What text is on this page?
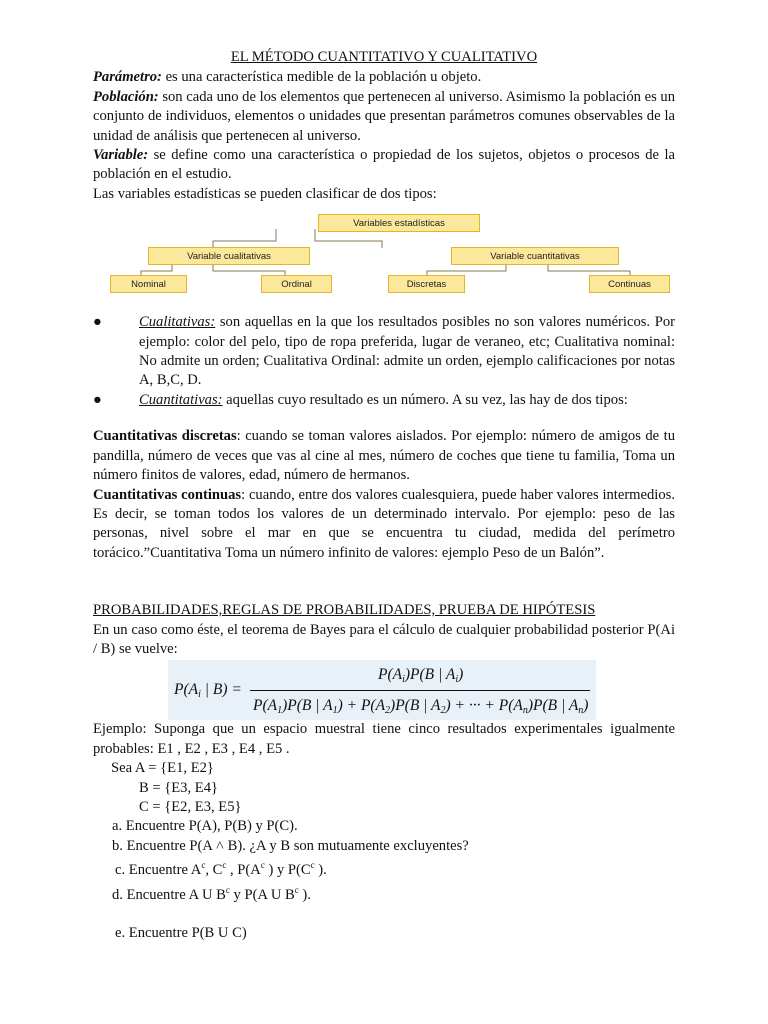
EL MÉTODO CUANTITATIVO Y CUALITATIVO

Parámetro: es una característica medible de la población u objeto.

Población: son cada uno de los elementos que pertenecen al universo. Asimismo la población es un conjunto de individuos, elementos o unidades que presentan parámetros comunes observables de la unidad de análisis que pertenecen al universo.

Variable: se define como una característica o propiedad de los sujetos, objetos o procesos de la población en el estudio.

Las variables estadísticas se pueden clasificar de dos tipos:

Variables estadísticas
Variable cualitativas	Variable cuantitativas
Nominal	Ordinal	Discretas	Continuas
●	Cualitativas: son aquellas en la que los resultados posibles no son valores numéricos. Por ejemplo: color del pelo, tipo de ropa preferida, lugar de veraneo, etc; Cualitativa nominal: No admite un orden; Cualitativa Ordinal: admite un orden, ejemplo calificaciones por notas A, B,C, D.
●	Cuantitativas: aquellas cuyo resultado es un número. A su vez, las hay de dos tipos:

Cuantitativas discretas: cuando se toman valores aislados. Por ejemplo: número de amigos de tu pandilla, número de veces que vas al cine al mes, número de coches que tiene tu familia, Toma un número finitos de valores, edad, número de hermanos.

Cuantitativas continuas: cuando, entre dos valores cualesquiera, puede haber valores intermedios. Es decir, se toman todos los valores de un determinado intervalo. Por ejemplo: peso de las personas, nivel sobre el mar en que se encuentra tu ciudad, medida del perímetro torácico.”Cuantitativa Toma un número infinito de valores: ejemplo Peso de un Balón”.

PROBABILIDADES,REGLAS DE PROBABILIDADES, PRUEBA DE HIPÓTESIS

En un caso como éste, el teorema de Bayes para el cálculo de cualquier probabilidad posterior P(Ai / B) se vuelve:

$P(A_i$ | B) =
$P(A_i)P(B$ | $A_i$)
$P(A_1)P(B$ | $A_1) + P(A_2)P(B$ | $A_2$) + ··· + $P(A_n)P(B$ | $A_n$)

Ejemplo: Suponga que un espacio muestral tiene cinco resultados experimentales igualmente probables: E1 , E2 , E3 , E4 , E5 .

Sea A = {E1, E2}

B = {E3, E4}

C = {E2, E3, E5}

a. Encuentre P(A), P(B) y P(C).

b. Encuentre P(A ˄ B). ¿A y B son mutuamente excluyentes?

c. Encuentre $A^c$, $C^c$ , $P(A^c$ ) y $P(C^c$ ).

d. Encuentre A U $B^c$ y P(A U $B^c$ ).

e. Encuentre P(B U C)
